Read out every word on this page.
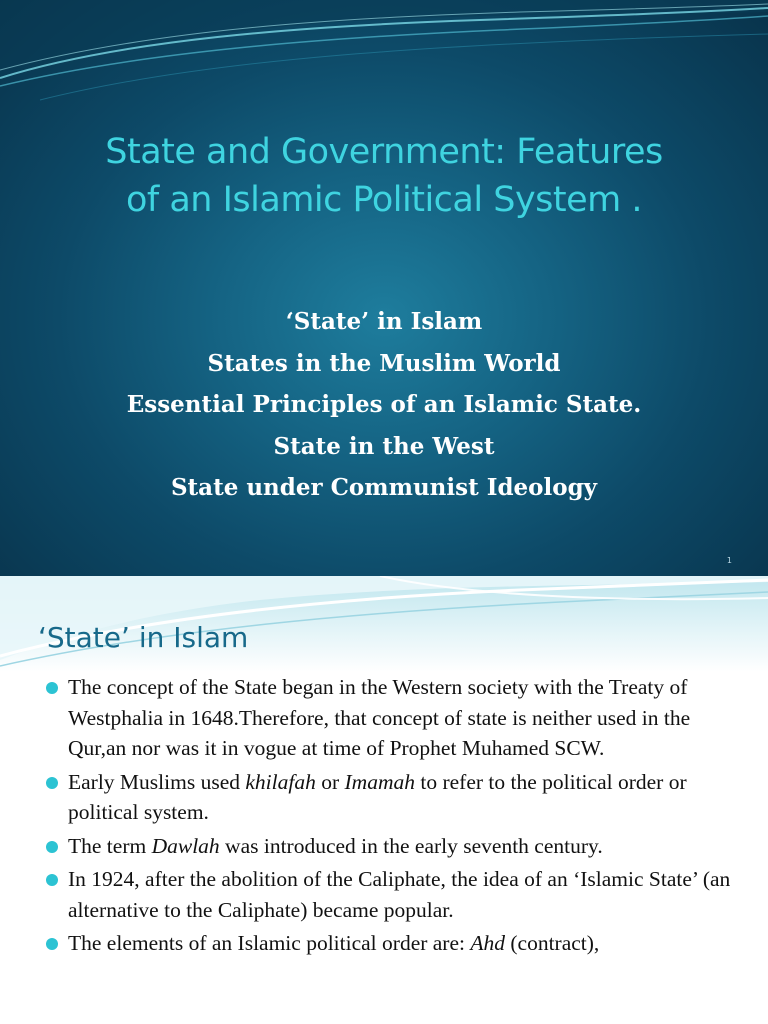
State and Government: Features
of an Islamic Political System .
‘State’ in Islam
States in the Muslim World
Essential Principles of an Islamic State.
State in the West
State under Communist Ideology
1
‘State’ in Islam
The concept of the State began in the Western society with the Treaty of Westphalia in 1648.Therefore, that concept of state is neither used in the Qur,an nor was it in vogue at time of Prophet Muhamed SCW.
Early Muslims used khilafah or Imamah to refer to the political order or political system.
The term Dawlah was introduced in the early seventh century.
In 1924, after the abolition of the Caliphate, the idea of an ‘Islamic State’ (an alternative to the Caliphate) became popular.
The elements of an Islamic political order are: Ahd (contract),
